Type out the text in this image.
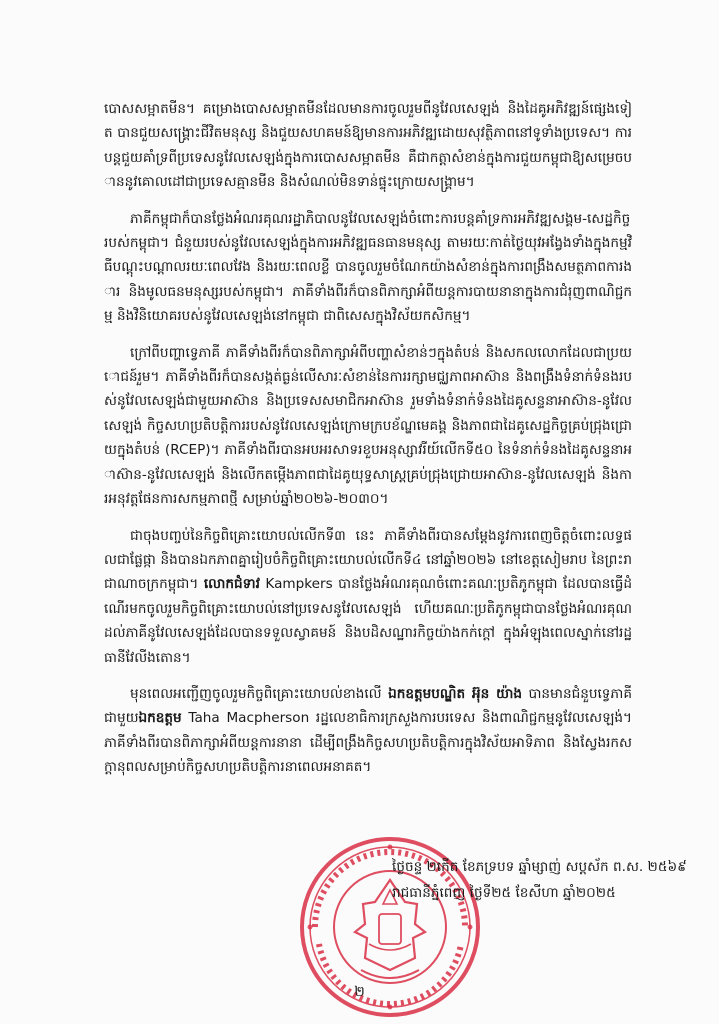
បោសសម្អាតមីន។ គម្រោងបោសសម្អាតមីនដែលមានការចូលរួមពីនូវែលសេឡង់ និងដៃគូអភិវឌ្ឍន៍ផ្សេងទៀត បានជួយសង្គ្រោះជីវិតមនុស្ស និងជួយសហគមន៍ឱ្យមានការអភិវឌ្ឍដោយសុវត្ថិភាពនៅទូទាំងប្រទេស។ ការបន្តជួយគាំទ្រពីប្រទេសនូវែលសេឡង់ក្នុងការបោសសម្អាតមីន គឺជាកត្តាសំខាន់ក្នុងការជួយកម្ពុជាឱ្យសម្រេចបាននូវគោលដៅជាប្រទេសគ្មានមីន និងសំណល់មិនទាន់ផ្ទុះក្រោយសង្គ្រាម។

ភាគីកម្ពុជាក៏បានថ្លែងអំណរគុណរដ្ឋាភិបាលនូវែលសេឡង់ចំពោះការបន្តគាំទ្រការអភិវឌ្ឍសង្គម-សេដ្ឋកិច្ចរបស់កម្ពុជា។ ជំនួយរបស់នូវែលសេឡង់ក្នុងការអភិវឌ្ឍធនធានមនុស្ស តាមរយៈកាត់ថ្ងៃយុវអង្វែងទាំងក្នុងកម្មវិធីបណ្តុះបណ្តាលរយៈពេលវែង និងរយៈពេលខ្លី បានចូលរួមចំណែកយ៉ាងសំខាន់ក្នុងការពង្រឹងសមត្ថភាពការងារ និងមូលធនមនុស្សរបស់កម្ពុជា។ ភាគីទាំងពីរក៏បានពិភាក្សាអំពីយន្តការបាយនានាក្នុងការជំរុញពាណិជ្ជកម្ម និងវិនិយោគរបស់នូវែលសេឡង់នៅកម្ពុជា ជាពិសេសក្នុងវិស័យកសិកម្ម។

ក្រៅពីបញ្ហាទ្វេភាគី ភាគីទាំងពីរក៏បានពិភាក្សាអំពីបញ្ហាសំខាន់ៗក្នុងតំបន់ និងសកលលោកដែលជាប្រយោជន៍រួម។ ភាគីទាំងពីរក៏បានសង្កត់ធ្ងន់លើសារៈសំខាន់នៃការរក្សាមជ្ឈភាពអាស៊ាន និងពង្រឹងទំនាក់ទំនងរបស់នូវែលសេឡង់ជាមួយអាស៊ាន និងប្រទេសសមាជិកអាស៊ាន រួមទាំងទំនាក់ទំនងដៃគូសន្ទនាអាស៊ាន-នូវែលសេឡង់ កិច្ចសហប្រតិបត្តិការរបស់នូវែលសេឡង់ក្រោមក្របខ័ណ្ឌមេគង្គ និងភាពជាដៃគូសេដ្ឋកិច្ចគ្រប់ជ្រុងជ្រោយក្នុងតំបន់ (RCEP)។ ភាគីទាំងពីរបានអបអរសាទរខួបអនុស្សាវរីយ៍លើកទី៥០ នៃទំនាក់ទំនងដៃគូសន្ទនាអាស៊ាន-នូវែលសេឡង់ និងលើកតម្កើងភាពជាដៃគូយុទ្ធសាស្ត្រគ្រប់ជ្រុងជ្រោយអាស៊ាន-នូវែលសេឡង់ និងការអនុវត្តផែនការសកម្មភាពថ្មី សម្រាប់ឆ្នាំ២០២៦-២០៣០។

ជាចុងបញ្ចប់នៃកិច្ចពិគ្រោះយោបល់លើកទី៣ នេះ ភាគីទាំងពីរបានសម្តែងនូវការពេញចិត្តចំពោះលទ្ធផលជាផ្លែផ្កា និងបានឯកភាពគ្នារៀបចំកិច្ចពិគ្រោះយោបល់លើកទី៤ នៅឆ្នាំ២០២៦ នៅខេត្តសៀមរាប នៃព្រះរាជាណាចក្រកម្ពុជា។ លោកជំទាវ Kampkers បានថ្លែងអំណរគុណចំពោះគណៈប្រតិភូកម្ពុជា ដែលបានធ្វើដំណើរមកចូលរួមកិច្ចពិគ្រោះយោបល់នៅប្រទេសនូវែលសេឡង់ ហើយគណៈប្រតិភូកម្ពុជាបានថ្លែងអំណរគុណដល់ភាគីនូវែលសេឡង់ដែលបានទទួលស្វាគមន៍ និងបដិសណ្ឋារកិច្ចយ៉ាងកក់ក្តៅ ក្នុងអំឡុងពេលស្នាក់នៅរដ្ឋធានីវែលីងតោន។

មុនពេលអញ្ជើញចូលរួមកិច្ចពិគ្រោះយោបល់ខាងលើ ឯកឧត្តមបណ្ឌិត អ៊ុន យ៉ាង បានមានជំនួបទ្វេភាគីជាមួយឯកឧត្តម Taha Macpherson រដ្ឋលេខាធិការក្រសួងការបរទេស និងពាណិជ្ជកម្មនូវែលសេឡង់។ ភាគីទាំងពីរបានពិភាក្សាអំពីយន្តការនានា ដើម្បីពង្រឹងកិច្ចសហប្រតិបត្តិការក្នុងវិស័យអាទិភាព និងស្វែងរកសក្តានុពលសម្រាប់កិច្ចសហប្រតិបត្តិការនាពេលអនាគត។

ថ្ងៃចន្ទ ២កើត ខែភទ្របទ ឆ្នាំម្សាញ់ សប្តស័ក ព.ស. ២៥៦៩
រាជធានីភ្នំពេញ ថ្ងៃទី២៥ ខែសីហា ឆ្នាំ២០២៥
២
